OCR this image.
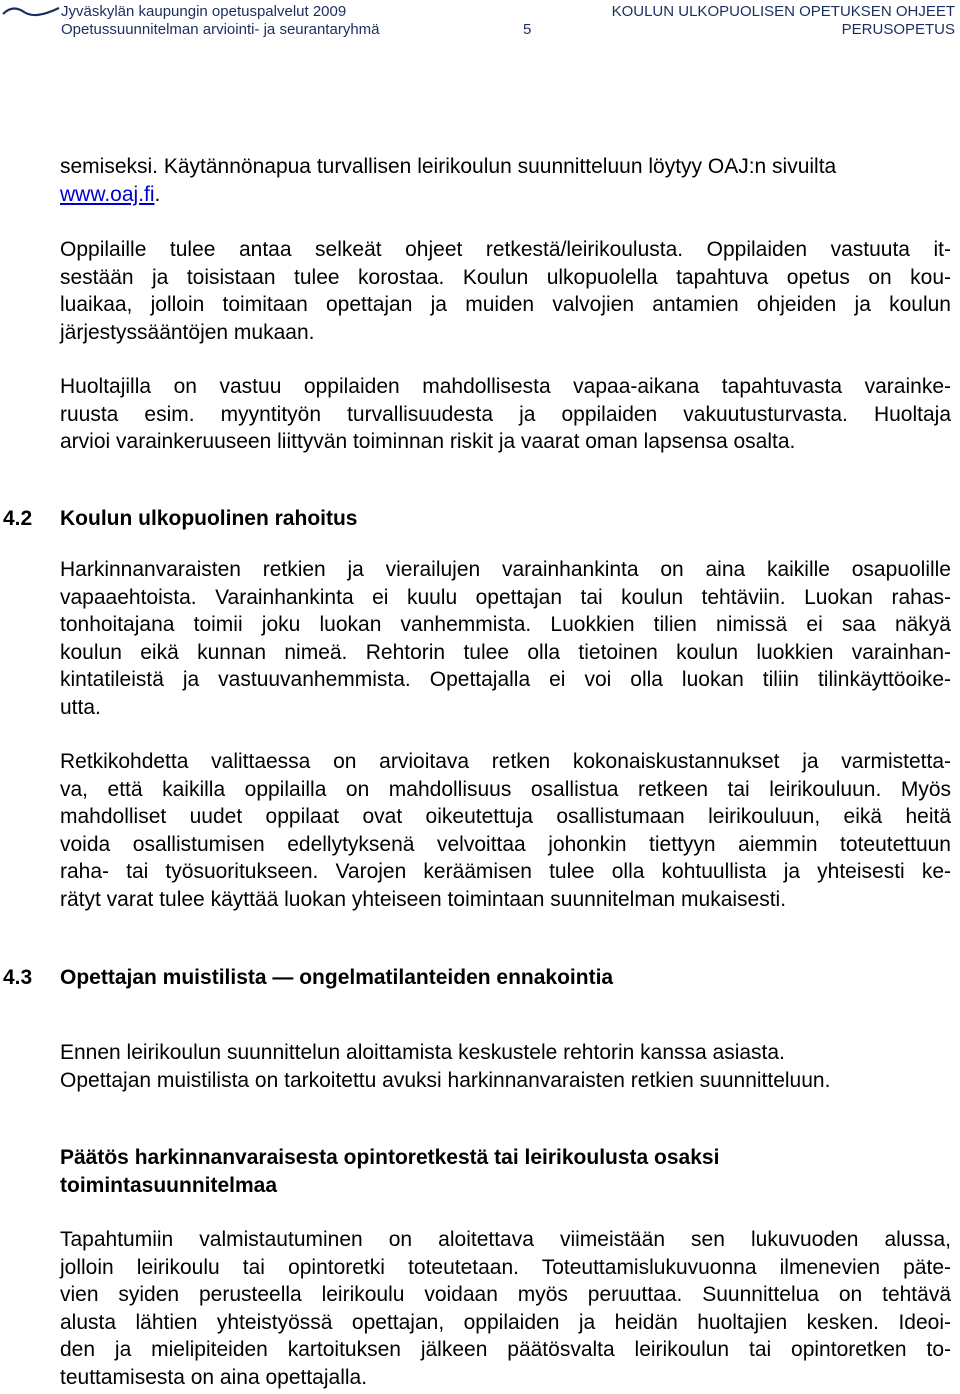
Jyväskylän kaupungin opetuspalvelut 2009
Opetussuunnitelman arviointi- ja seurantaryhmä	5
KOULUN ULKOPUOLISEN OPETUKSEN OHJEET
PERUSOPETUS
semiseksi. Käytännönapua turvallisen leirikoulun suunnitteluun löytyy OAJ:n sivuilta
www.oaj.fi.
Oppilaille tulee antaa selkeät ohjeet retkestä/leirikoulusta. Oppilaiden vastuuta it-
sestään ja toisistaan tulee korostaa. Koulun ulkopuolella tapahtuva opetus on kou-
luaikaa, jolloin toimitaan opettajan ja muiden valvojien antamien ohjeiden ja koulun
järjestyssääntöjen mukaan.
Huoltajilla on vastuu oppilaiden mahdollisesta vapaa-aikana tapahtuvasta varainke-
ruusta esim. myyntityön turvallisuudesta ja oppilaiden vakuutusturvasta. Huoltaja
arvioi varainkeruuseen liittyvän toiminnan riskit ja vaarat oman lapsensa osalta.
4.2 Koulun ulkopuolinen rahoitus
Harkinnanvaraisten retkien ja vierailujen varainhankinta on aina kaikille osapuolille
vapaaehtoista. Varainhankinta ei kuulu opettajan tai koulun tehtäviin. Luokan rahas-
tonhoitajana toimii joku luokan vanhemmista. Luokkien tilien nimissä ei saa näkyä
koulun eikä kunnan nimeä. Rehtorin tulee olla tietoinen koulun luokkien varainhan-
kintatileistä ja vastuuvanhemmista. Opettajalla ei voi olla luokan tiliin tilinkäyttöoike-
utta.
Retkikohdetta valittaessa on arvioitava retken kokonaiskustannukset ja varmistetta-
va, että kaikilla oppilailla on mahdollisuus osallistua retkeen tai leirikouluun. Myös
mahdolliset uudet oppilaat ovat oikeutettuja osallistumaan leirikouluun, eikä heitä
voida osallistumisen edellytyksenä velvoittaa johonkin tiettyyn aiemmin toteutettuun
raha- tai työsuoritukseen. Varojen keräämisen tulee olla kohtuullista ja yhteisesti ke-
rätyt varat tulee käyttää luokan yhteiseen toimintaan suunnitelman mukaisesti.
4.3 Opettajan muistilista — ongelmatilanteiden ennakointia
Ennen leirikoulun suunnittelun aloittamista keskustele rehtorin kanssa asiasta.
Opettajan muistilista on tarkoitettu avuksi harkinnanvaraisten retkien suunnitteluun.
Päätös harkinnanvaraisesta opintoretkestä tai leirikoulusta osaksi
toimintasuunnitelmaa
Tapahtumiin valmistautuminen on aloitettava viimeistään sen lukuvuoden alussa,
jolloin leirikoulu tai opintoretki toteutetaan. Toteuttamislukuvuonna ilmenevien päte-
vien syiden perusteella leirikoulu voidaan myös peruuttaa. Suunnittelua on tehtävä
alusta lähtien yhteistyössä opettajan, oppilaiden ja heidän huoltajien kesken. Ideoi-
den ja mielipiteiden kartoituksen jälkeen päätösvalta leirikoulun tai opintoretken to-
teuttamisesta on aina opettajalla.
